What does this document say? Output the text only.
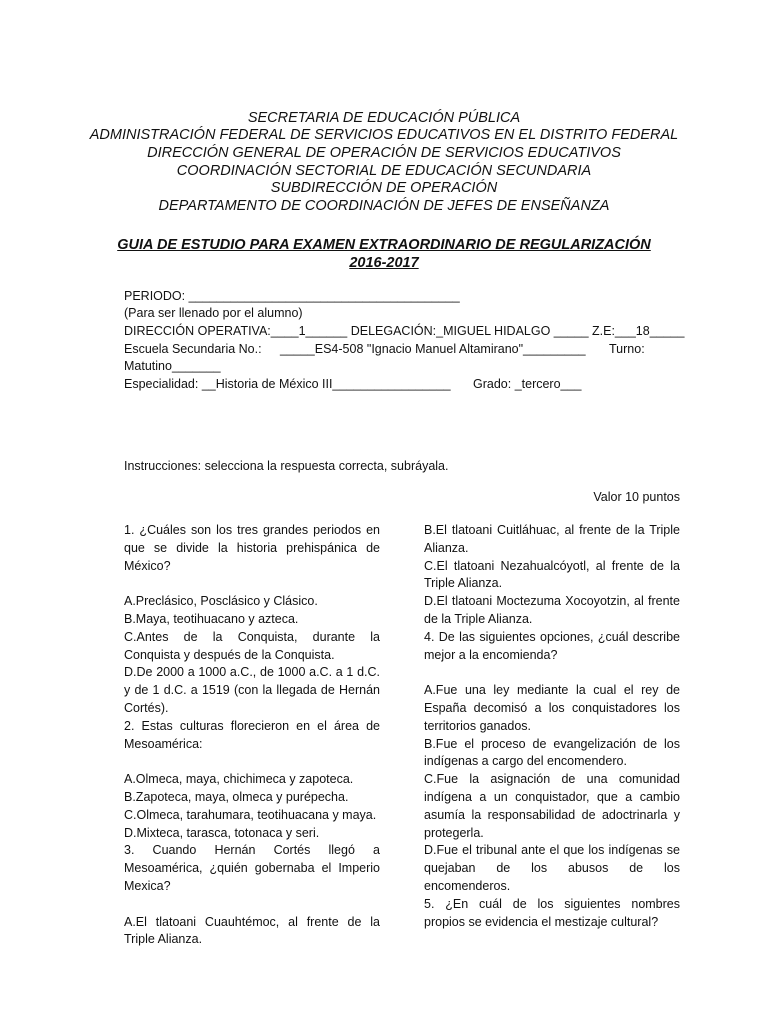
SECRETARIA DE EDUCACIÓN PÚBLICA

ADMINISTRACIÓN FEDERAL DE SERVICIOS EDUCATIVOS EN EL DISTRITO FEDERAL

DIRECCIÓN GENERAL DE OPERACIÓN DE SERVICIOS EDUCATIVOS

COORDINACIÓN SECTORIAL DE EDUCACIÓN SECUNDARIA

SUBDIRECCIÓN DE OPERACIÓN

DEPARTAMENTO DE COORDINACIÓN DE JEFES DE ENSEÑANZA

GUIA DE ESTUDIO PARA EXAMEN EXTRAORDINARIO DE REGULARIZACIÓN

2016-2017

PERIODO: _______________________________________

(Para ser llenado por el alumno)

DIRECCIÓN OPERATIVA:____1______ DELEGACIÓN:_MIGUEL HIDALGO _____ Z.E:___18_____

Escuela Secundaria No.: _____ES4-508 "Ignacio Manuel Altamirano"_________ Turno:

Matutino_______

Especialidad: __Historia de México III_________________ Grado: _tercero___

Instrucciones: selecciona la respuesta correcta, subráyala.

Valor 10 puntos

1. ¿Cuáles son los tres grandes periodos en que se divide la historia prehispánica de México?

A.Preclásico, Posclásico y Clásico.

B.Maya, teotihuacano y azteca.

C.Antes de la Conquista, durante la Conquista y después de la Conquista.

D.De 2000 a 1000 a.C., de 1000 a.C. a 1 d.C. y de 1 d.C. a 1519 (con la llegada de Hernán Cortés).

2. Estas culturas florecieron en el área de Mesoamérica:

A.Olmeca, maya, chichimeca y zapoteca.

B.Zapoteca, maya, olmeca y purépecha.

C.Olmeca, tarahumara, teotihuacana y maya.

D.Mixteca, tarasca, totonaca y seri.

3. Cuando Hernán Cortés llegó a Mesoamérica, ¿quién gobernaba el Imperio Mexica?

A.El tlatoani Cuauhtémoc, al frente de la Triple Alianza.

B.El tlatoani Cuitláhuac, al frente de la Triple Alianza.

C.El tlatoani Nezahualcóyotl, al frente de la Triple Alianza.

D.El tlatoani Moctezuma Xocoyotzin, al frente de la Triple Alianza.

4. De las siguientes opciones, ¿cuál describe mejor a la encomienda?

A.Fue una ley mediante la cual el rey de España decomisó a los conquistadores los territorios ganados.

B.Fue el proceso de evangelización de los indígenas a cargo del encomendero.

C.Fue la asignación de una comunidad indígena a un conquistador, que a cambio asumía la responsabilidad de adoctrinarla y protegerla.

D.Fue el tribunal ante el que los indígenas se quejaban de los abusos de los encomenderos.

5. ¿En cuál de los siguientes nombres propios se evidencia el mestizaje cultural?
